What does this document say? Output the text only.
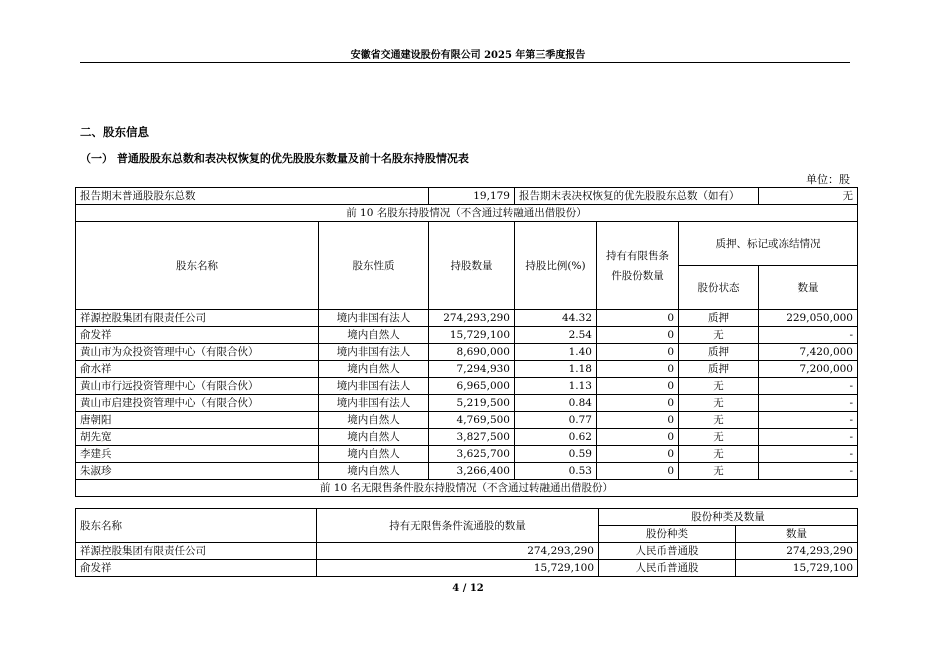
安徽省交通建设股份有限公司 2025 年第三季度报告
二、股东信息
（一） 普通股股东总数和表决权恢复的优先股股东数量及前十名股东持股情况表
单位：股
报告期末普通股股东总数		19,179	报告期末表决权恢复的优先股股东总数（如有）			无
前 10 名股东持股情况（不含通过转融通出借股份）						
股东名称	股东性质	持股数量	持股比例(%)	持有有限售条件股份数量	质押、标记或冻结情况	
					股份状态	数量
祥源控股集团有限责任公司	境内非国有法人	274,293,290	44.32	0	质押	229,050,000
俞发祥	境内自然人	15,729,100	2.54	0	无	-
黄山市为众投资管理中心（有限合伙）	境内非国有法人	8,690,000	1.40	0	质押	7,420,000
俞水祥	境内自然人	7,294,930	1.18	0	质押	7,200,000
黄山市行远投资管理中心（有限合伙）	境内非国有法人	6,965,000	1.13	0	无	-
黄山市启建投资管理中心（有限合伙）	境内非国有法人	5,219,500	0.84	0	无	-
唐朝阳	境内自然人	4,769,500	0.77	0	无	-
胡先宽	境内自然人	3,827,500	0.62	0	无	-
李建兵	境内自然人	3,625,700	0.59	0	无	-
朱淑珍	境内自然人	3,266,400	0.53	0	无	-
前 10 名无限售条件股东持股情况（不含通过转融通出借股份）						
股东名称	持有无限售条件流通股的数量	股份种类及数量	
		股份种类	数量
祥源控股集团有限责任公司	274,293,290	人民币普通股	274,293,290
俞发祥	15,729,100	人民币普通股	15,729,100
4 / 12
